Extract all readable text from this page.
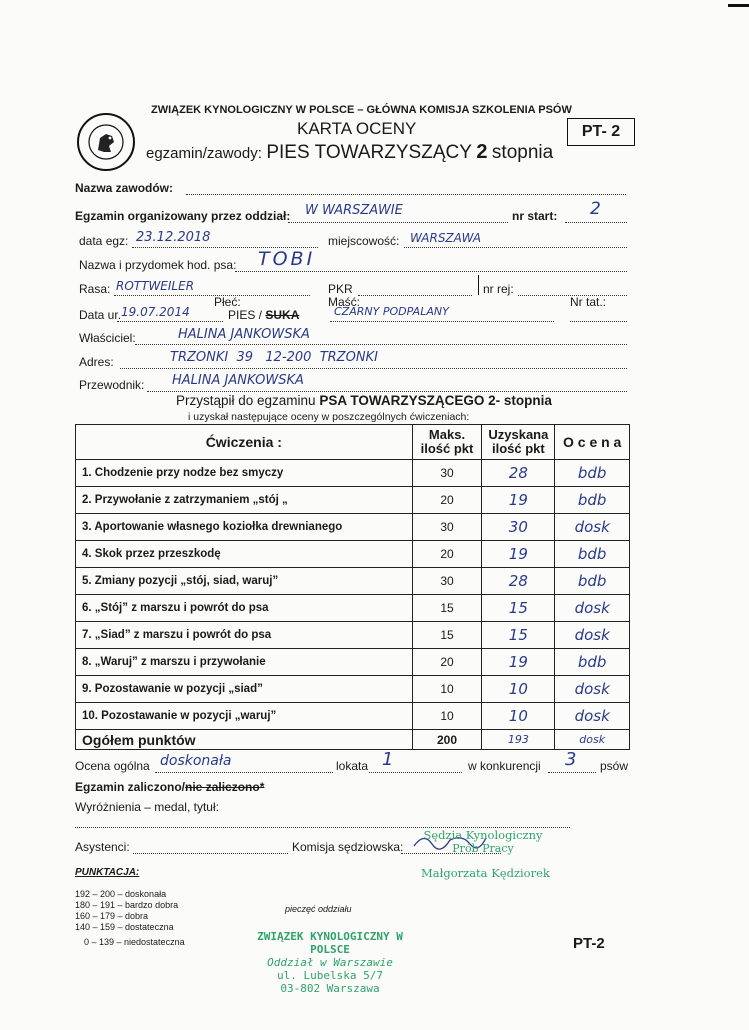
ZWIĄZEK KYNOLOGICZNY W POLSCE – GŁÓWNA KOMISJA SZKOLENIA PSÓW
KARTA OCENY	PT- 2
egzamin/zawody: PIES TOWARZYSZĄCY 2 stopnia
Nazwa zawodów:
Egzamin organizowany przez oddział: W WARSZAWIE	nr start: 2
data egz: 23.12.2018	miejscowość: WARSZAWA
Nazwa i przydomek hod. psa: TOBI
Rasa: ROTTWEILER	PKR	nr rej:
Płeć:	Maść:	Nr tat.:
Data ur. 19.07.2014	PIES / SUKA	CZARNY PODPALANY
Właściciel:	HALINA JANKOWSKA
Adres:	TRZONKI  39   12-200  TRZONKI
Przewodnik: HALINA JANKOWSKA
Przystąpił do egzaminu PSA TOWARZYSZĄCEGO 2- stopnia
i uzyskał następujące oceny w poszczególnych ćwiczeniach:
Ćwiczenia :	Maks. ilość pkt	Uzyskana ilość pkt	O c e n a
1. Chodzenie przy nodze bez smyczy	30	28	bdb
2. Przywołanie z zatrzymaniem „stój „	20	19	bdb
3. Aportowanie własnego koziołka drewnianego	30	30	dosk
4. Skok przez przeszkodę	20	19	bdb
5. Zmiany pozycji „stój, siad, waruj”	30	28	bdb
6. „Stój” z marszu i powrót do psa	15	15	dosk
7. „Siad” z marszu i powrót do psa	15	15	dosk
8. „Waruj” z marszu i przywołanie	20	19	bdb
9. Pozostawanie w pozycji „siad”	10	10	dosk
10. Pozostawanie w pozycji „waruj”	10	10	dosk
Ogółem punktów	200	193	dosk
Ocena ogólna doskonała	lokata 1	w konkurencji 3 psów
Egzamin zaliczono/nie zaliczono*
Wyróżnienia – medal, tytuł:
Asystenci:	Komisja sędziowska:
Sędzia Kynologiczny
Prób Pracy
Małgorzata Kędziorek
PUNKTACJA:
192 – 200 – doskonała
180 – 191 – bardzo dobra
160 – 179 – dobra
140 – 159 – dostateczna
0 – 139 – niedostateczna
pieczęć oddziału
ZWIĄZEK KYNOLOGICZNY W POLSCE
Oddział w Warszawie
ul. Lubelska 5/7
03-802 Warszawa
PT-2
